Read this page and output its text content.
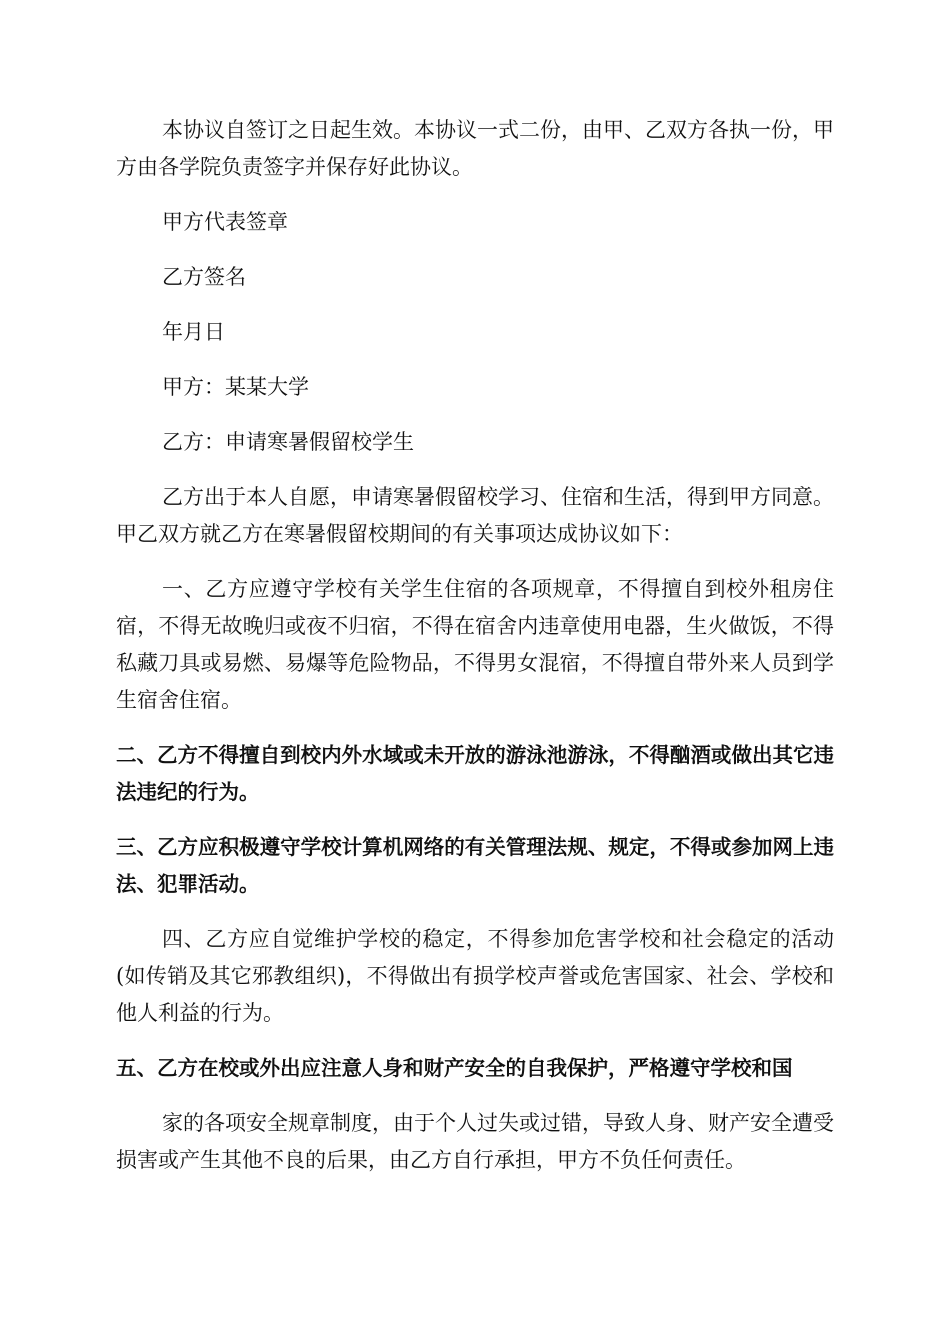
本协议自签订之日起生效。本协议一式二份，由甲、乙双方各执一份，甲方由各学院负责签字并保存好此协议。

甲方代表签章

乙方签名

年月日

甲方：某某大学

乙方：申请寒暑假留校学生

乙方出于本人自愿，申请寒暑假留校学习、住宿和生活，得到甲方同意。甲乙双方就乙方在寒暑假留校期间的有关事项达成协议如下：

一、乙方应遵守学校有关学生住宿的各项规章，不得擅自到校外租房住宿，不得无故晚归或夜不归宿，不得在宿舍内违章使用电器，生火做饭，不得私藏刀具或易燃、易爆等危险物品，不得男女混宿，不得擅自带外来人员到学生宿舍住宿。

二、乙方不得擅自到校内外水域或未开放的游泳池游泳，不得酗酒或做出其它违法违纪的行为。

三、乙方应积极遵守学校计算机网络的有关管理法规、规定，不得或参加网上违法、犯罪活动。

四、乙方应自觉维护学校的稳定，不得参加危害学校和社会稳定的活动(如传销及其它邪教组织)，不得做出有损学校声誉或危害国家、社会、学校和他人利益的行为。

五、乙方在校或外出应注意人身和财产安全的自我保护，严格遵守学校和国

家的各项安全规章制度，由于个人过失或过错，导致人身、财产安全遭受损害或产生其他不良的后果，由乙方自行承担，甲方不负任何责任。
